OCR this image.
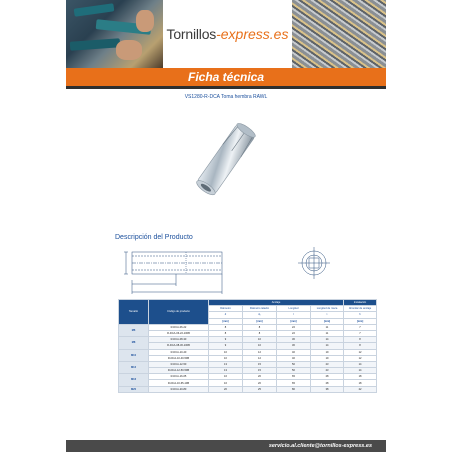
Tornillos -express.es
Ficha técnica
VS1280-R-DCA Toma hembra RAWL
Descripción del Producto
Tamaño	Código de producto	Anclaje				Instalación
		Diámetro	Diámetro taladro	Longitud	Longitud de rosca	Ahondar de anclaje
		d	d₀	l	t	h
		[mm]	[mm]	[mm]	[mm]	[mm]
M6	R-DCA-06-22	8	8	22	11	7
	R-DCA-06-22-100B	8	8	22	11	7
M8	R-DCA-08-30	9	10	30	14	8
	R-DCA-08-30-100B	9	10	30	14	8
M10	R-DCA-10-40	10	12	40	19	12
	R-DCA-10-40-50B	10	12	40	19	12
M12	R-DCA-12-50	13	15	50	23	14
	R-DCA-12-50-50B	13	15	50	23	14
M16	R-DCA-16-65	16	20	65	28	18
	R-DCA-16-65-10B	16	20	65	28	18
M20	R-DCA-20-80	20	25	80	38	22
servicio.al.cliente@tornillos-express.es
